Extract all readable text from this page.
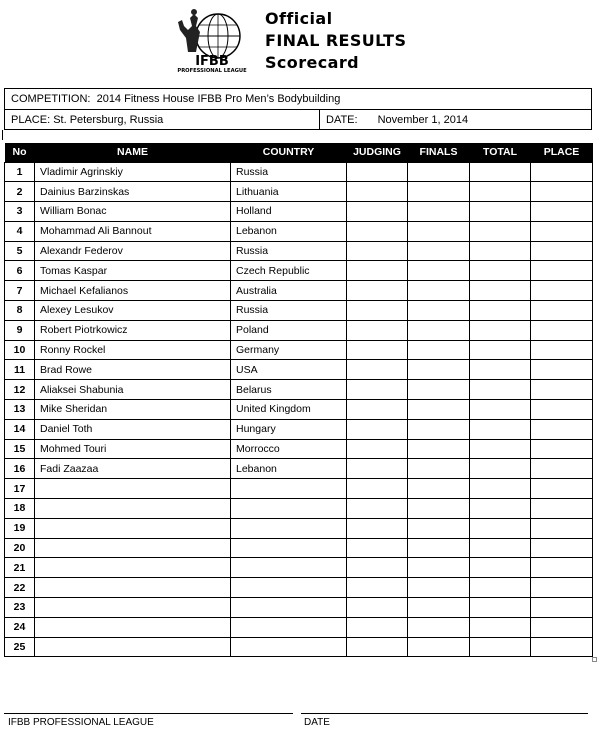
IFBB
PROFESSIONAL LEAGUE
Official
FINAL RESULTS
Scorecard
COMPETITION:
2014 Fitness House IFBB Pro Men’s Bodybuilding
PLACE:
St. Petersburg, Russia	DATE: November 1, 2014
No	NAME	COUNTRY	JUDGING	FINALS	TOTAL	PLACE
1	Vladimir Agrinskiy	Russia				
2	Dainius Barzinskas	Lithuania				
3	William Bonac	Holland				
4	Mohammad Ali Bannout	Lebanon				
5	Alexandr Federov	Russia				
6	Tomas Kaspar	Czech Republic				
7	Michael Kefalianos	Australia				
8	Alexey Lesukov	Russia				
9	Robert Piotrkowicz	Poland				
10	Ronny Rockel	Germany				
11	Brad Rowe	USA				
12	Aliaksei Shabunia	Belarus				
13	Mike Sheridan	United Kingdom				
14	Daniel Toth	Hungary				
15	Mohmed Touri	Morrocco				
16	Fadi Zaazaa	Lebanon				
17						
18						
19						
20						
21						
22						
23						
24						
25						
IFBB PROFESSIONAL LEAGUE	DATE
